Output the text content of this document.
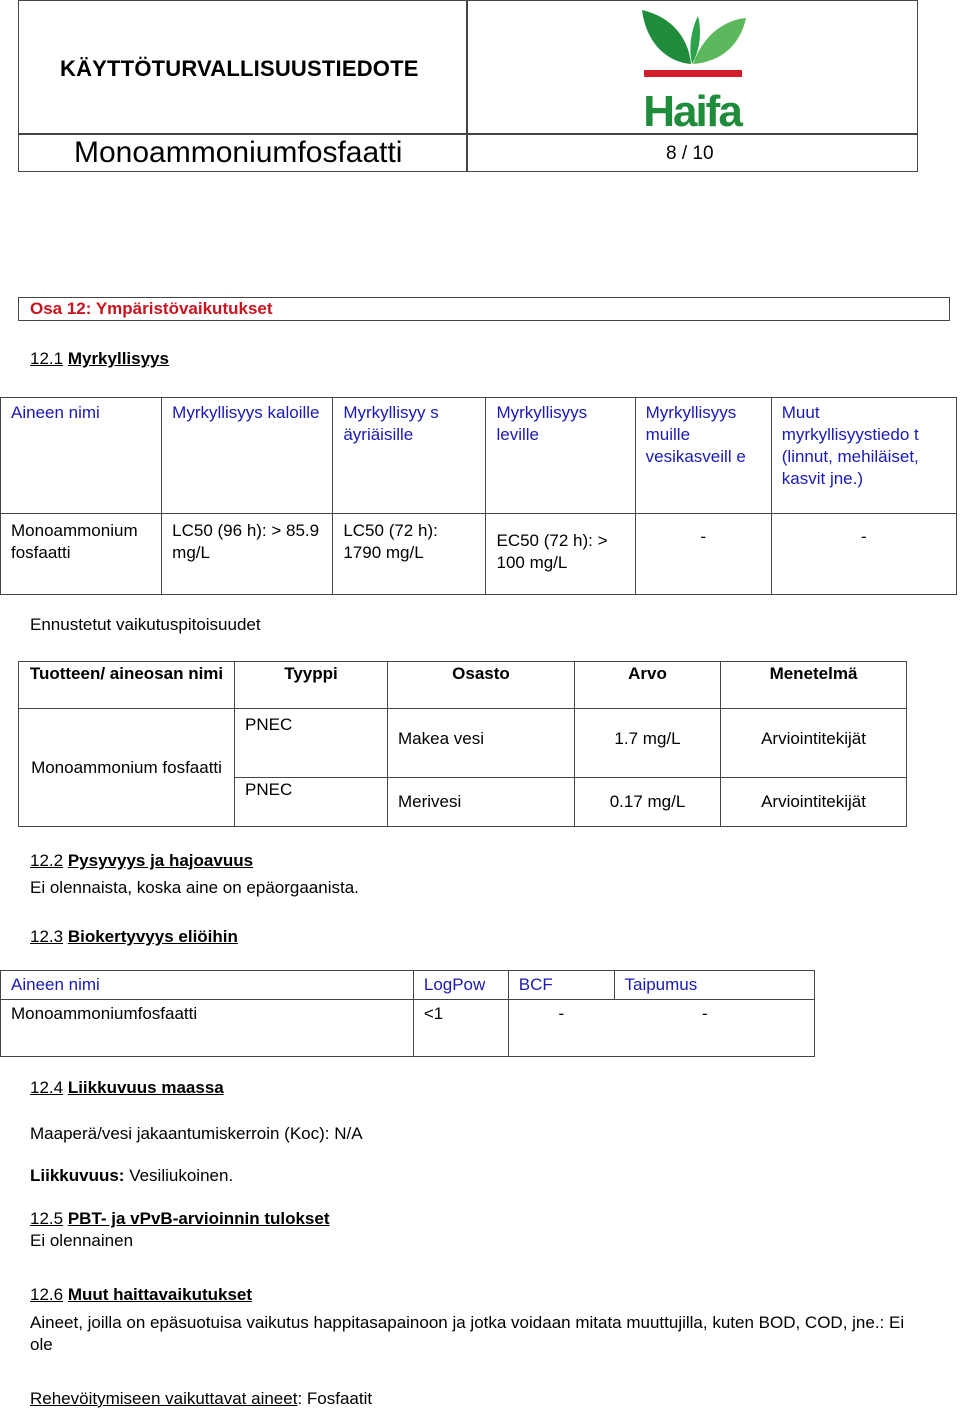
KÄYTTÖTURVALLISUUSTIEDOTE
Monoammoniumfosfaatti	8 / 10
Haifa
Osa 12: Ympäristövaikutukset
12.1 Myrkyllisyys
Aineen nimi	Myrkyllisyys kaloille	Myrkyllisyy s äyriäisille	Myrkyllisyys leville	Myrkyllisyys muille vesikasveill e	Muut myrkyllisyystiedo t (linnut, mehiläiset, kasvit jne.)
Monoammonium fosfaatti	LC50 (96 h): > 85.9 mg/L	LC50 (72 h): 1790 mg/L	EC50 (72 h): > 100 mg/L	-	-
Ennustetut vaikutuspitoisuudet
Tuotteen/ aineosan nimi	Tyyppi	Osasto	Arvo	Menetelmä
Monoammonium fosfaatti	PNEC	Makea vesi	1.7 mg/L	Arviointitekijät
	PNEC	Merivesi	0.17 mg/L	Arviointitekijät
12.2 Pysyvyys ja hajoavuus
Ei olennaista, koska aine on epäorgaanista.
12.3 Biokertyvyys eliöihin
Aineen nimi	LogPow	BCF	Taipumus
Monoammoniumfosfaatti	<1	-	-
12.4 Liikkuvuus maassa
Maaperä/vesi jakaantumiskerroin (Koc): N/A
Liikkuvuus: Vesiliukoinen.
12.5 PBT- ja vPvB-arvioinnin tulokset
Ei olennainen
12.6 Muut haittavaikutukset
Aineet, joilla on epäsuotuisa vaikutus happitasapainoon ja jotka voidaan mitata muuttujilla, kuten BOD, COD, jne.: Ei ole
Rehevöitymiseen vaikuttavat aineet: Fosfaatit
